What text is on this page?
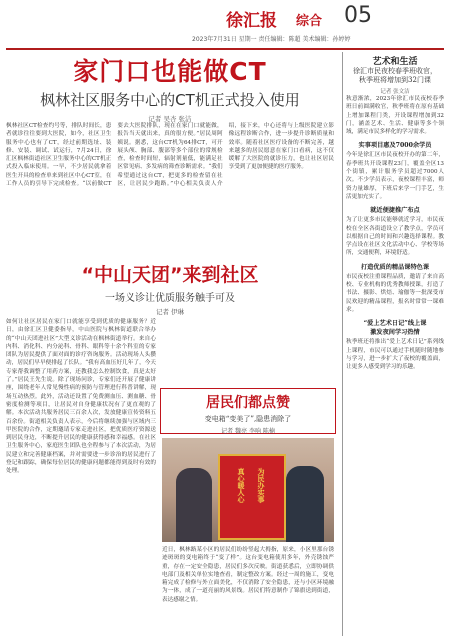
徐汇报 综合 05
2023年7月31日 星期一 责任编辑：陈超 美术编辑：孙婷婷
家门口也能做CT
枫林社区服务中心的CT机正式投入使用
记者 吴杏 张洁
枫林社区CT检查约号等，排队时间长，患者就诊往往要到大医院，如今，社区卫生服务中心也有了CT，经过前期选址、装修、安装、调试、试运行，7月24日，徐汇区枫林街道社区卫生服务中心的CT机正式投入临床使用。一早，不少居民就拿着医生开具的检查单来到社区中心CT室，在工作人员的引导下完成检查。“以前做CT要去大医院排队，现在在家门口就能做，报告当天就出来，真的很方便。”居民周阿姨说。据悉，这台CT机为64排CT，可开展头颅、胸部、腹部等多个部位的常规检查，检查时间短，辐射剂量低，能满足社区常见病、多发病的筛查诊断需求。“我们希望通过这台CT，把更多的检查留在社区，让居民少跑路。”中心相关负责人介绍，接下来，中心还将与上级医院建立影像远程诊断合作，进一步提升诊断质量和效率。随着社区医疗设备的不断完善，越来越多的居民愿意在家门口看病，这不仅缓解了大医院的就诊压力，也让社区居民享受到了更加便捷的医疗服务。
“中山天团”来到社区
一场义诊让优质服务触手可及
记者 伊琳
如何让社区居民在家门口就能享受到优质的健康服务？近日，由徐汇区卫健委指导，中山医院与枫林街道联合举办的“中山天团进社区”大型义诊活动在枫林街道举行。来自心内科、消化科、内分泌科、骨科、眼科等十余个科室的专家团队为居民提供了面对面的诊疗咨询服务。活动现场人头攒动，居民们早早便排起了长队。“我有高血压好几年了，今天专家帮我调整了用药方案，还教我怎么控制饮食，真是太好了。”居民王先生说。除了现场问诊，专家们还开展了健康讲座，围绕老年人常见慢性病的预防与管理进行科普讲解，现场互动热烈。此外，活动还设置了免费测血压、测血糖、骨密度检测等项目，让居民对自身健康状况有了更直观的了解。本次活动共服务居民三百余人次，发放健康宣传资料五百余份。街道相关负责人表示，今后将继续加强与区域内三甲医院的合作，定期邀请专家走进社区，把优质医疗资源送到居民身边，不断提升居民的健康获得感和幸福感。在社区卫生服务中心，家庭医生团队也全程参与了本次活动，为居民建立和完善健康档案，并对需要进一步诊治的居民进行了登记和跟踪，确保每位居民的健康问题都能得到及时有效的处理。
居民们都点赞
变电箱“变美了”,隐患消除了
记者 魏亮 李响 陈楠
为民办实事
真心暖人心
近日，枫林路某小区的居民们纷纷竖起大拇指，原来，小区里那台锈迹斑斑的变电箱终于“变了样”。这台变电箱使用多年，外壳锈蚀严重，存在一定安全隐患，居民们多次反映。街道获悉后，立即协调供电部门及相关单位实地查看，制定整改方案。经过一周的施工，变电箱完成了检修与外立面美化，不仅消除了安全隐患，还与小区环境融为一体，成了一道亮丽的风景线。居民们特意制作了锦旗送到街道，表达感谢之情。
艺术和生活
徐汇市民夜校春季班收官，
秋季班将增加到32门课
记者 张文洁
秋意渐浓，2023年徐汇市民夜校春季班日前圆满收官，秋季班将在原有基础上增加课程门类，开设课程增加到32门，涵盖艺术、生活、健康等多个领域，满足市民多样化的学习需求。
实事项目惠及7000余学员
今年是徐汇区市民夜校开办的第二年，春季班共开设课程23门，覆盖全区13个街镇，累计服务学员超过7000人次。不少学员表示，夜校课程丰富，师资力量雄厚，下班后来学一门手艺，生活更加充实了。
就近便捷推广布点
为了让更多市民能够就近学习，市民夜校在全区各街道设立了教学点，学员可以根据自己的时间和兴趣选择课程。教学点设在社区文化活动中心、学校等场所，交通便利，环境舒适。
打造优质的精品课特色课
市民夜校注重课程品质，邀请了来自高校、专业机构的优秀教师授课，打造了书法、摄影、烘焙、瑜伽等一批深受市民欢迎的精品课程，报名时常常一课难求。
“爱上艺术日记”线上课
激发夜间学习热情
秋季班还将推出“爱上艺术日记”系列线上课程，市民可以通过手机随时随地参与学习，进一步扩大了夜校的覆盖面，让更多人感受到学习的乐趣。
